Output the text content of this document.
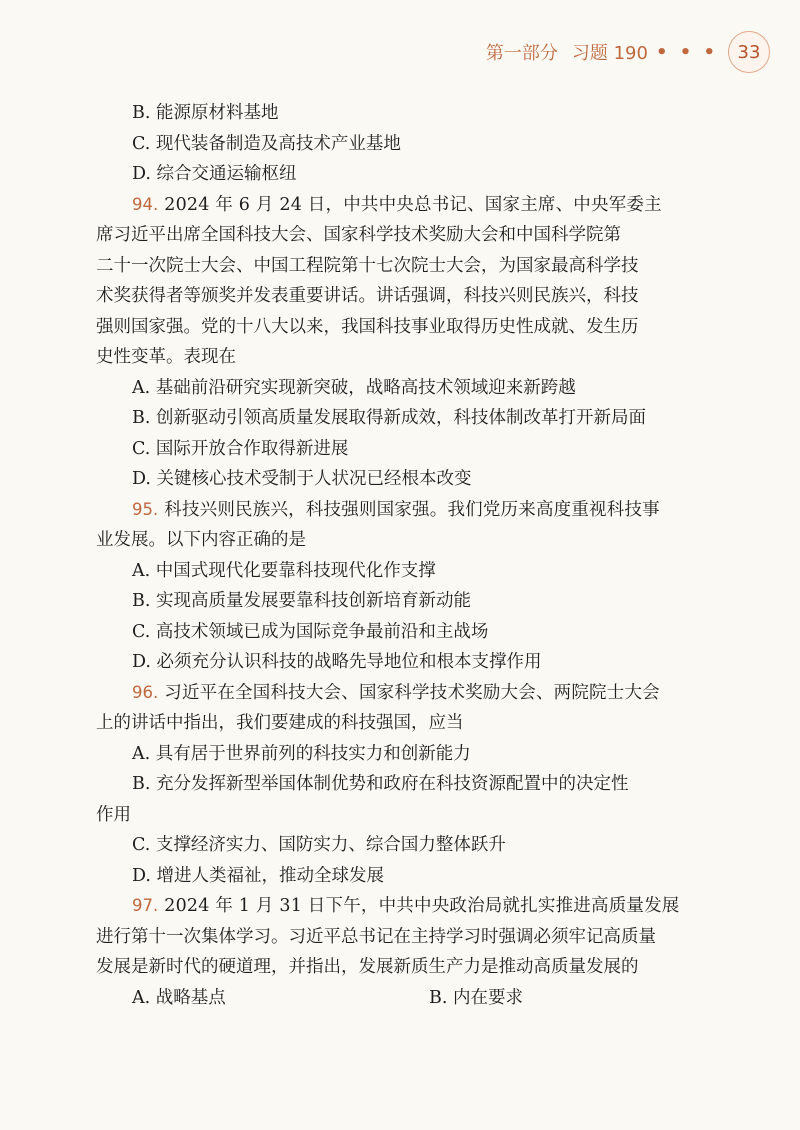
第一部分 习题 190 • • •	33
B. 能源原材料基地
C. 现代装备制造及高技术产业基地
D. 综合交通运输枢纽
94. 2024 年 6 月 24 日，中共中央总书记、国家主席、中央军委主
席习近平出席全国科技大会、国家科学技术奖励大会和中国科学院第
二十一次院士大会、中国工程院第十七次院士大会，为国家最高科学技
术奖获得者等颁奖并发表重要讲话。讲话强调，科技兴则民族兴，科技
强则国家强。党的十八大以来，我国科技事业取得历史性成就、发生历
史性变革。表现在
A. 基础前沿研究实现新突破，战略高技术领域迎来新跨越
B. 创新驱动引领高质量发展取得新成效，科技体制改革打开新局面
C. 国际开放合作取得新进展
D. 关键核心技术受制于人状况已经根本改变
95. 科技兴则民族兴，科技强则国家强。我们党历来高度重视科技事
业发展。以下内容正确的是
A. 中国式现代化要靠科技现代化作支撑
B. 实现高质量发展要靠科技创新培育新动能
C. 高技术领域已成为国际竞争最前沿和主战场
D. 必须充分认识科技的战略先导地位和根本支撑作用
96. 习近平在全国科技大会、国家科学技术奖励大会、两院院士大会
上的讲话中指出，我们要建成的科技强国，应当
A. 具有居于世界前列的科技实力和创新能力
B. 充分发挥新型举国体制优势和政府在科技资源配置中的决定性
作用
C. 支撑经济实力、国防实力、综合国力整体跃升
D. 增进人类福祉，推动全球发展
97. 2024 年 1 月 31 日下午，中共中央政治局就扎实推进高质量发展
进行第十一次集体学习。习近平总书记在主持学习时强调必须牢记高质量
发展是新时代的硬道理，并指出，发展新质生产力是推动高质量发展的
A. 战略基点	B. 内在要求
